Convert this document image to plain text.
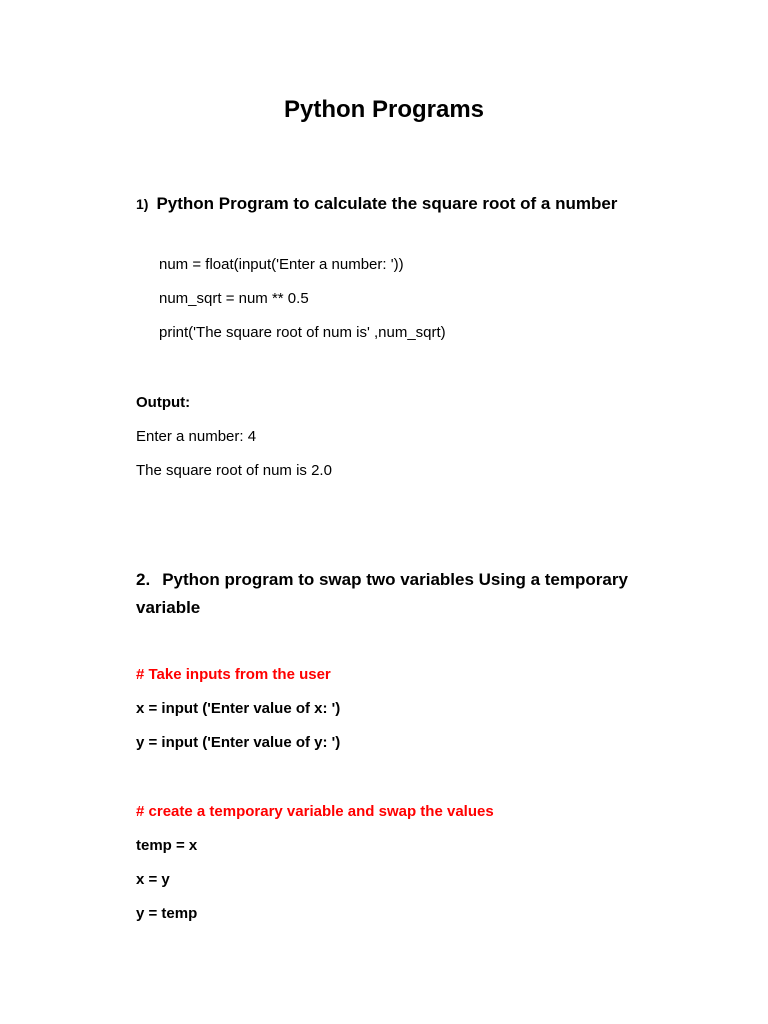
Python Programs
1) Python Program to calculate the square root of a number
num = float(input('Enter a number: '))
num_sqrt = num ** 0.5
print('The square root of num is' ,num_sqrt)
Output:
Enter a number: 4
The square root of num is 2.0
2. Python program to swap two variables Using a temporary variable
# Take inputs from the user
x = input ('Enter value of x: ')
y = input ('Enter value of y: ')
# create a temporary variable and swap the values
temp = x
x = y
y = temp
